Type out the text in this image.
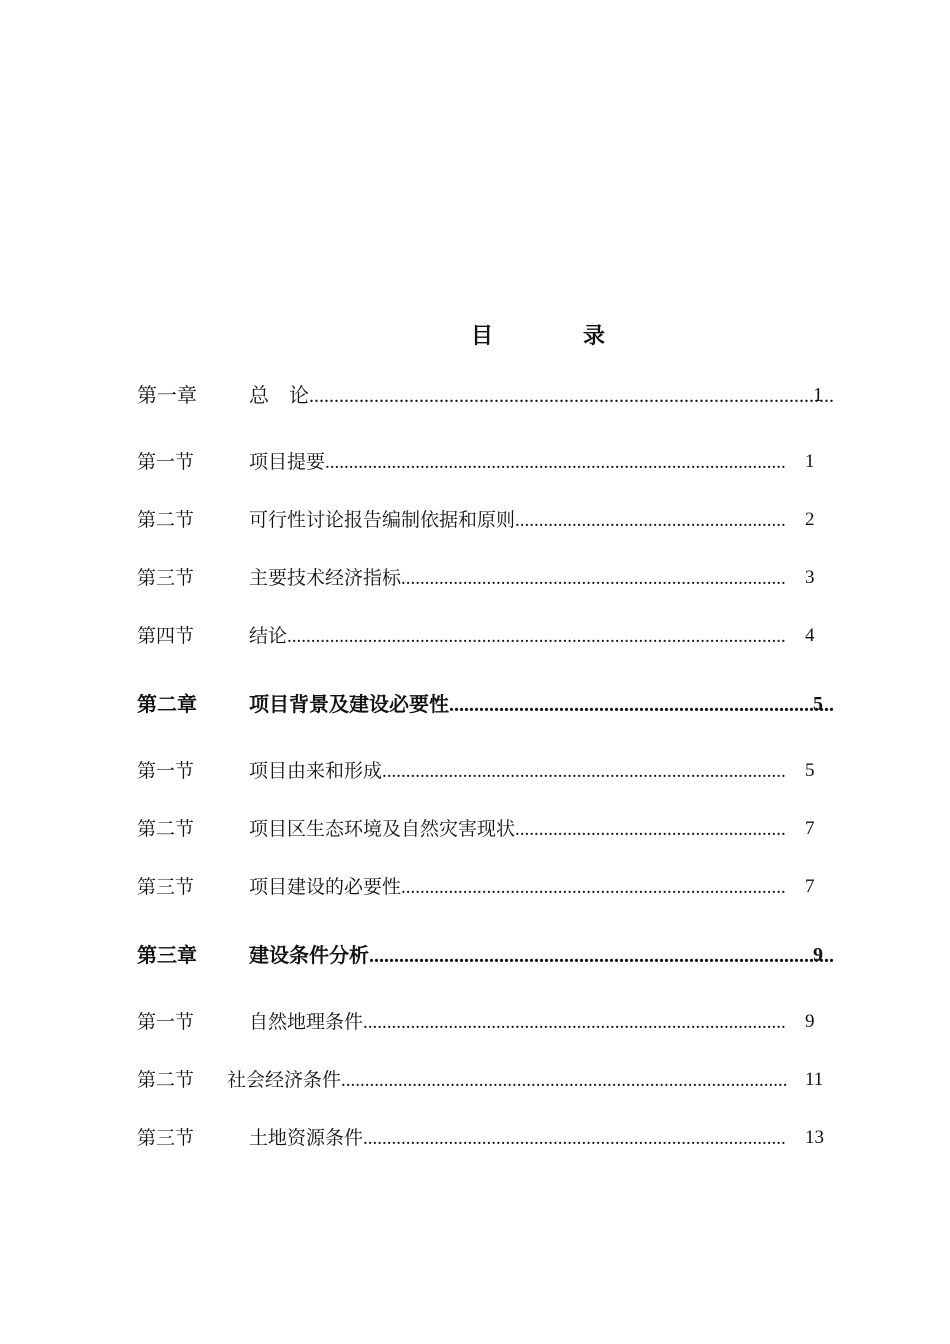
目	录
第一章	总　论 .....	1
第一节	项目提要 .....	1
第二节	可行性讨论报告编制依据和原则 .....	2
第三节	主要技术经济指标 .....	3
第四节	结论 .....	4
第二章	项目背景及建设必要性 .....	5
第一节	项目由来和形成 .....	5
第二节	项目区生态环境及自然灾害现状 .....	7
第三节	项目建设的必要性 .....	7
第三章	建设条件分析 .....	9
第一节	自然地理条件 .....	9
第二节 社会经济条件 .....	11
第三节	土地资源条件 .....	13
